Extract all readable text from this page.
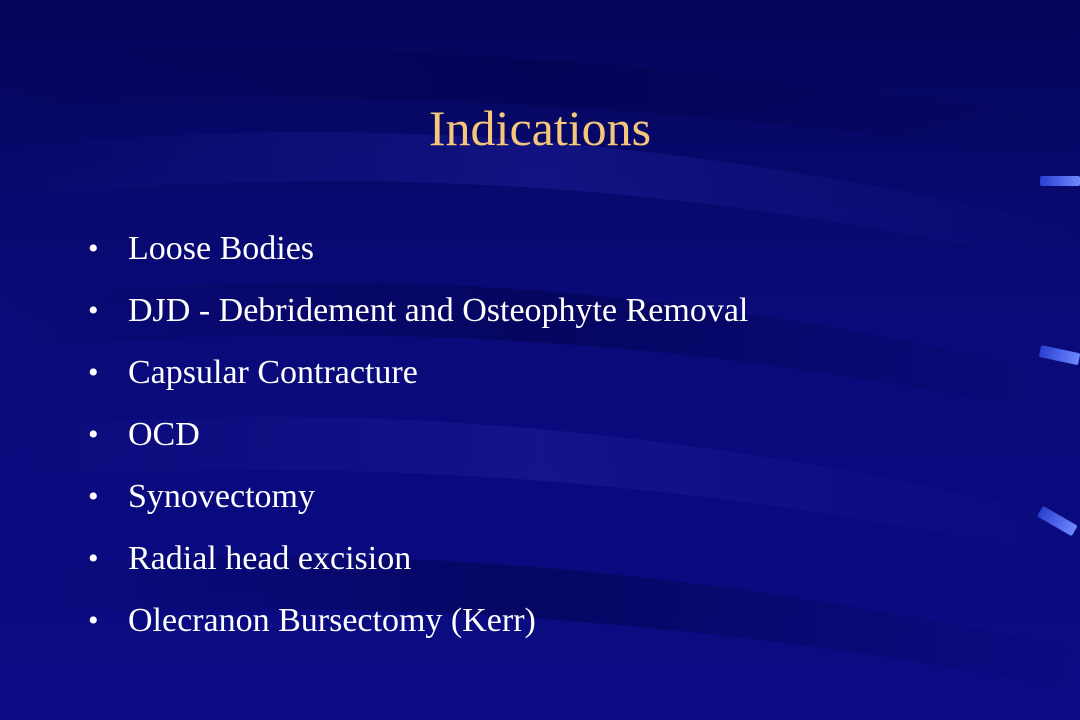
Indications
• Loose Bodies
• DJD - Debridement and Osteophyte Removal
• Capsular Contracture
• OCD
• Synovectomy
• Radial head excision
• Olecranon Bursectomy (Kerr)
